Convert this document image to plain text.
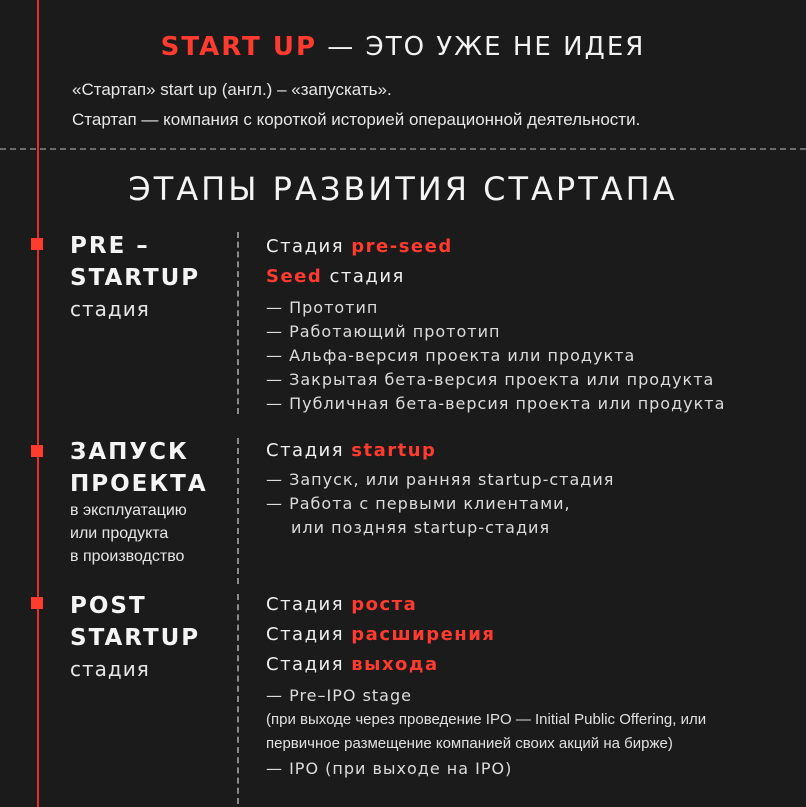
START UP — ЭТО УЖЕ НЕ ИДЕЯ
«Стартап» start up (англ.) – «запускать».
Стартап — компания с короткой историей операционной деятельности.
ЭТАПЫ РАЗВИТИЯ СТАРТАПА
PRE –
STARTUP
стадия
Стадия pre-seed
Seed стадия
— Прототип
— Работающий прототип
— Альфа-версия проекта или продукта
— Закрытая бета-версия проекта или продукта
— Публичная бета-версия проекта или продукта
ЗАПУСК
ПРОЕКТА
в эксплуатацию
или продукта
в производство
Стадия startup
— Запуск, или ранняя startup-стадия
— Работа с первыми клиентами,
или поздняя startup-стадия
POST
STARTUP
стадия
Стадия роста
Стадия расширения
Стадия выхода
— Pre–IPO stage
(при выходе через проведение IPO — Initial Public Offering, или
первичное размещение компанией своих акций на бирже)
— IPO (при выходе на IPO)
